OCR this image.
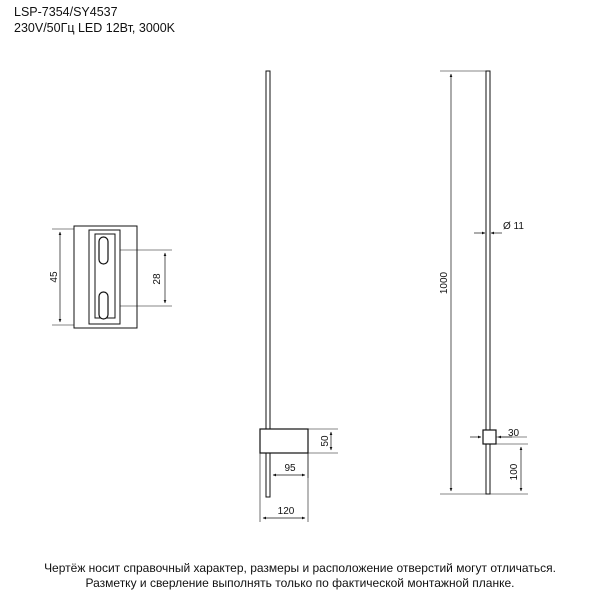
LSP-7354/SY4537
230V/50Гц LED 12Вт, 3000K
45	28
50
95
120
1000
Ø 11
30
100
Чертёж носит справочный характер, размеры и расположение отверстий могут отличаться.
Разметку и сверление выполнять только по фактической монтажной планке.
